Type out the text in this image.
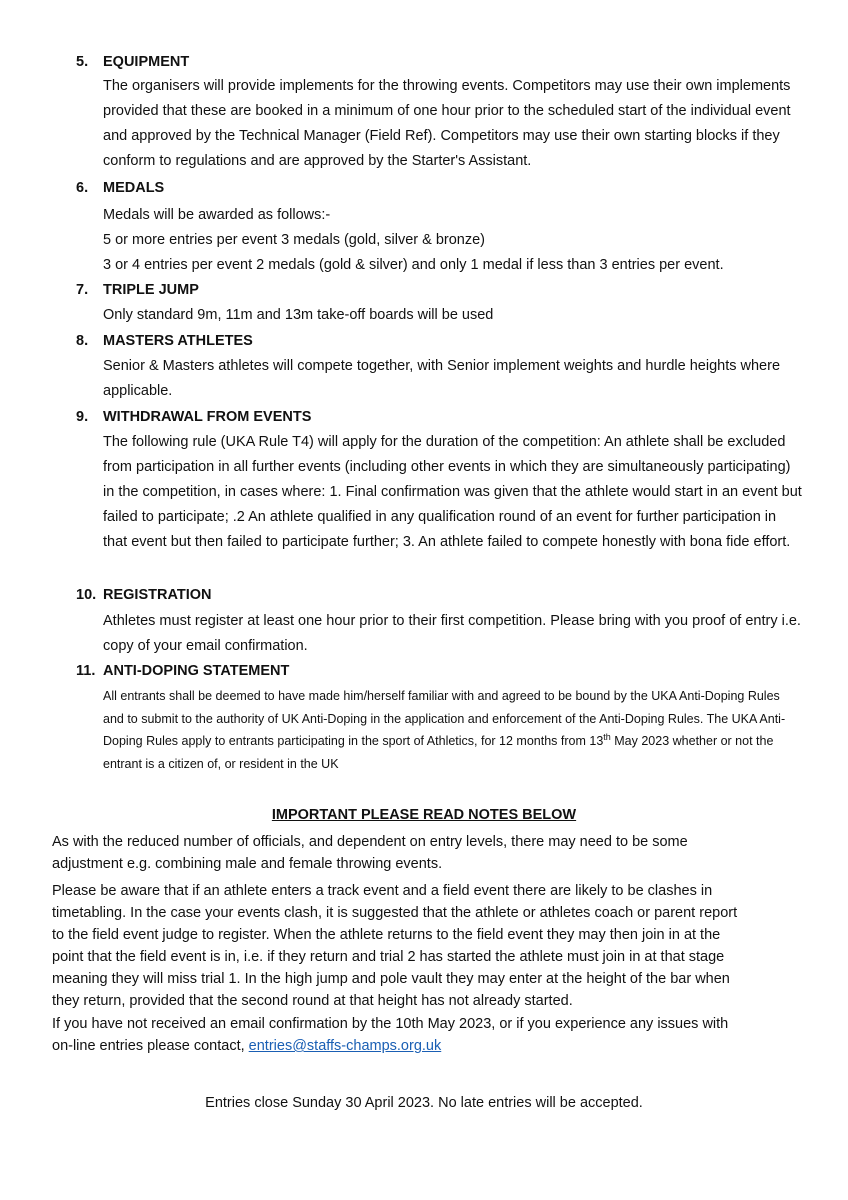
5. EQUIPMENT

The organisers will provide implements for the throwing events. Competitors may use their own implements provided that these are booked in a minimum of one hour prior to the scheduled start of the individual event and approved by the Technical Manager (Field Ref). Competitors may use their own starting blocks if they conform to regulations and are approved by the Starter's Assistant.

6. MEDALS

Medals will be awarded as follows:-

5 or more entries per event 3 medals (gold, silver & bronze)

3 or 4 entries per event 2 medals (gold & silver) and only 1 medal if less than 3 entries per event.

7. TRIPLE JUMP

Only standard 9m, 11m and 13m take-off boards will be used

8. MASTERS ATHLETES

Senior & Masters athletes will compete together, with Senior implement weights and hurdle heights where applicable.

9. WITHDRAWAL FROM EVENTS

The following rule (UKA Rule T4) will apply for the duration of the competition: An athlete shall be excluded from participation in all further events (including other events in which they are simultaneously participating) in the competition, in cases where: 1. Final confirmation was given that the athlete would start in an event but failed to participate; .2 An athlete qualified in any qualification round of an event for further participation in that event but then failed to participate further; 3. An athlete failed to compete honestly with bona fide effort.

10. REGISTRATION

Athletes must register at least one hour prior to their first competition. Please bring with you proof of entry i.e. copy of your email confirmation.

11. ANTI-DOPING STATEMENT
All entrants shall be deemed to have made him/herself familiar with and agreed to be bound by the UKA Anti-Doping Rules and to submit to the authority of UK Anti-Doping in the application and enforcement of the Anti-Doping Rules. The UKA Anti- Doping Rules apply to entrants participating in the sport of Athletics, for 12 months from 13th May 2023 whether or not the entrant is a citizen of, or resident in the UK
IMPORTANT PLEASE READ NOTES BELOW

As with the reduced number of officials, and dependent on entry levels, there may need to be some adjustment e.g. combining male and female throwing events.

Please be aware that if an athlete enters a track event and a field event there are likely to be clashes in timetabling. In the case your events clash, it is suggested that the athlete or athletes coach or parent report to the field event judge to register. When the athlete returns to the field event they may then join in at the point that the field event is in, i.e. if they return and trial 2 has started the athlete must join in at that stage meaning they will miss trial 1. In the high jump and pole vault they may enter at the height of the bar when they return, provided that the second round at that height has not already started.

If you have not received an email confirmation by the 10th May 2023, or if you experience any issues with on-line entries please contact, entries@staffs-champs.org.uk

Entries close Sunday 30 April 2023. No late entries will be accepted.
